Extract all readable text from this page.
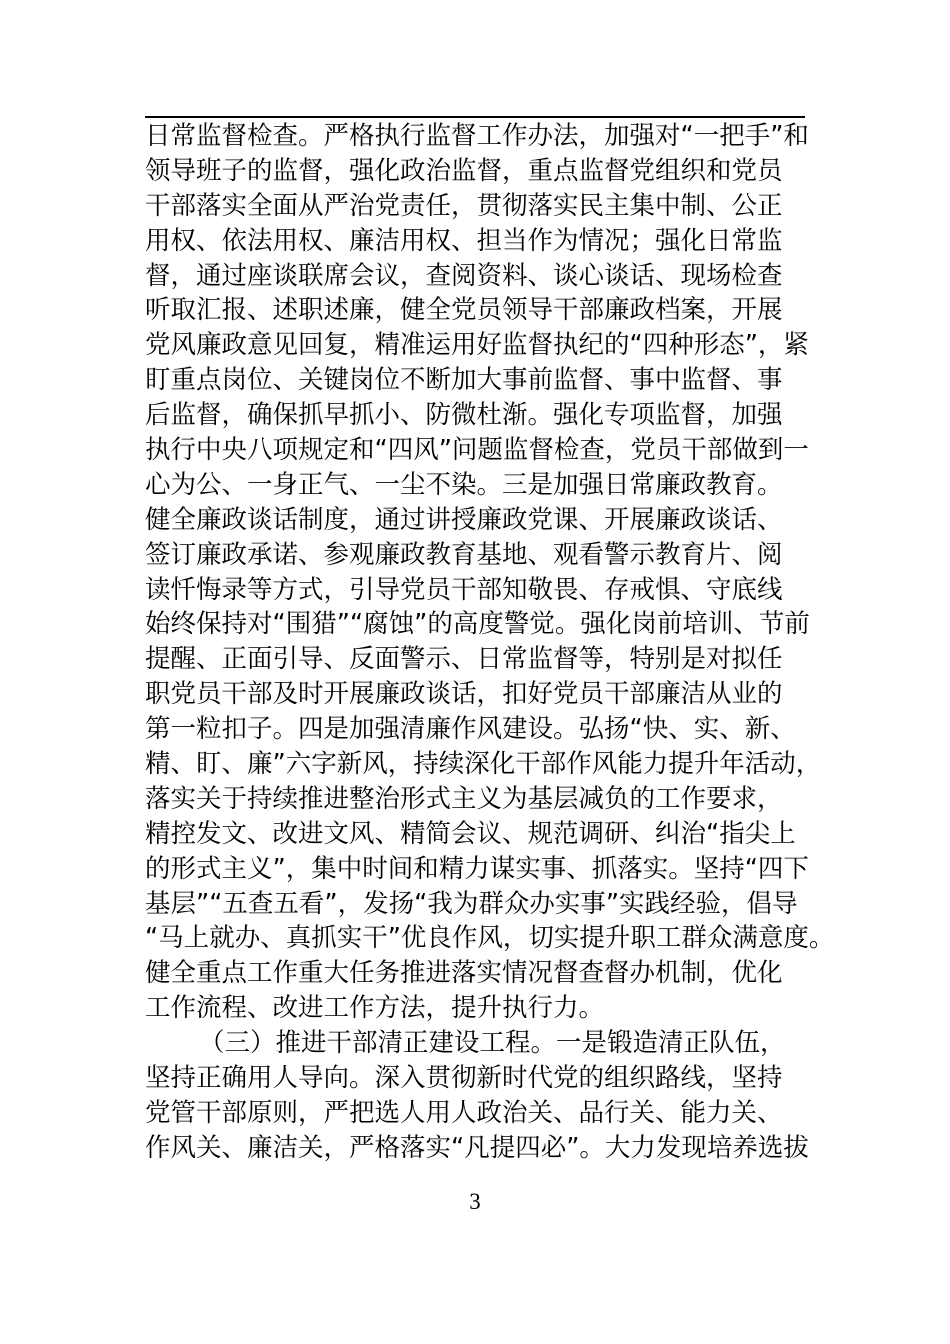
日常监督检查。严格执行监督工作办法，加强对“一把手”和
领导班子的监督，强化政治监督，重点监督党组织和党员
干部落实全面从严治党责任，贯彻落实民主集中制、公正
用权、依法用权、廉洁用权、担当作为情况；强化日常监
督，通过座谈联席会议，查阅资料、谈心谈话、现场检查
听取汇报、述职述廉，健全党员领导干部廉政档案，开展
党风廉政意见回复，精准运用好监督执纪的“四种形态”，紧
盯重点岗位、关键岗位不断加大事前监督、事中监督、事
后监督，确保抓早抓小、防微杜渐。强化专项监督，加强
执行中央八项规定和“四风”问题监督检查，党员干部做到一
心为公、一身正气、一尘不染。三是加强日常廉政教育。
健全廉政谈话制度，通过讲授廉政党课、开展廉政谈话、
签订廉政承诺、参观廉政教育基地、观看警示教育片、阅
读忏悔录等方式，引导党员干部知敬畏、存戒惧、守底线
始终保持对“围猎”“腐蚀”的高度警觉。强化岗前培训、节前
提醒、正面引导、反面警示、日常监督等，特别是对拟任
职党员干部及时开展廉政谈话，扣好党员干部廉洁从业的
第一粒扣子。四是加强清廉作风建设。弘扬“快、实、新、
精、盯、廉”六字新风，持续深化干部作风能力提升年活动，
落实关于持续推进整治形式主义为基层减负的工作要求，
精控发文、改进文风、精简会议、规范调研、纠治“指尖上
的形式主义”，集中时间和精力谋实事、抓落实。坚持“四下
基层”“五查五看”，发扬“我为群众办实事”实践经验，倡导
“马上就办、真抓实干”优良作风，切实提升职工群众满意度。
健全重点工作重大任务推进落实情况督查督办机制，优化
工作流程、改进工作方法，提升执行力。
（三）推进干部清正建设工程。一是锻造清正队伍，
坚持正确用人导向。深入贯彻新时代党的组织路线，坚持
党管干部原则，严把选人用人政治关、品行关、能力关、
作风关、廉洁关，严格落实“凡提四必”。大力发现培养选拔
3
